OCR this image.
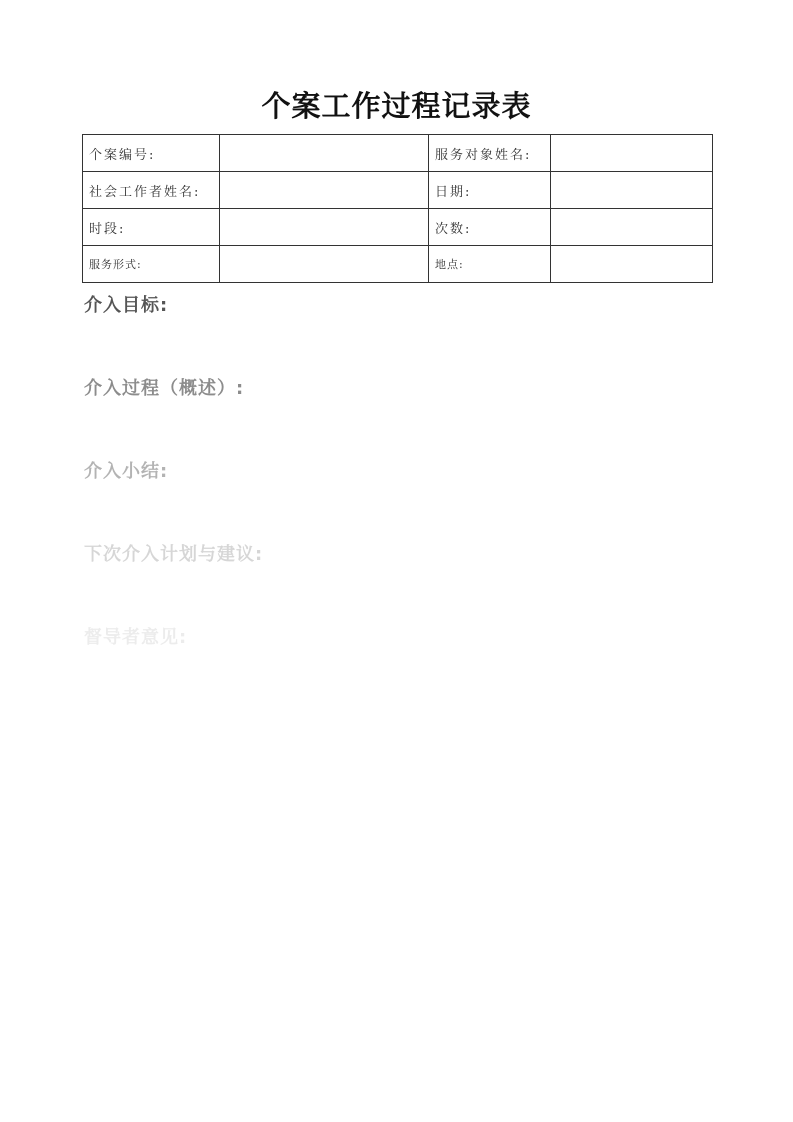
个案工作过程记录表
个案编号:		服务对象姓名:	
社会工作者姓名:		日期:	
时段:		次数:	
服务形式:		地点:	
介入目标:
介入过程（概述）:
介入小结:
下次介入计划与建议:
督导者意见:
